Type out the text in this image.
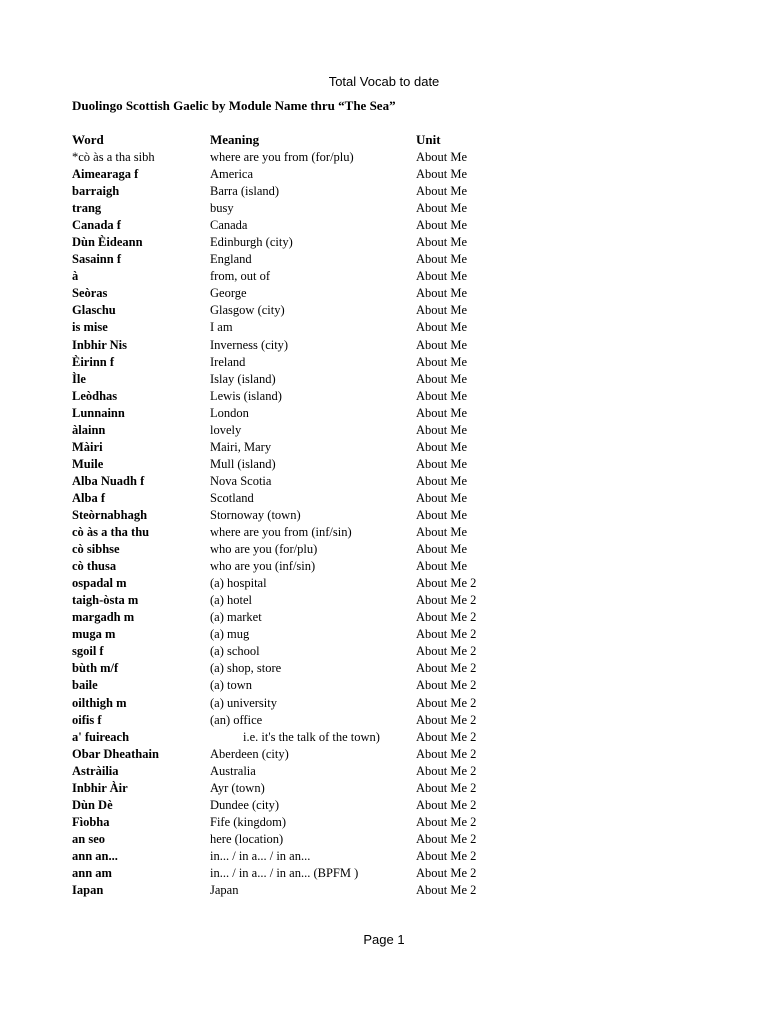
Total Vocab to date
Duolingo Scottish Gaelic by Module Name thru “The Sea”
Word	Meaning	Unit
*cò às a tha sibh	where are you from (for/plu)	About Me
Aimearaga f	America	About Me
barraigh	Barra (island)	About Me
trang	busy	About Me
Canada f	Canada	About Me
Dùn Èideann	Edinburgh (city)	About Me
Sasainn f	England	About Me
à	from, out of	About Me
Seòras	George	About Me
Glaschu	Glasgow (city)	About Me
is mise	I am	About Me
Inbhir Nis	Inverness (city)	About Me
Èirinn f	Ireland	About Me
Ìle	Islay (island)	About Me
Leòdhas	Lewis (island)	About Me
Lunnainn	London	About Me
àlainn	lovely	About Me
Màiri	Mairi, Mary	About Me
Muile	Mull (island)	About Me
Alba Nuadh f	Nova Scotia	About Me
Alba f	Scotland	About Me
Steòrnabhagh	Stornoway (town)	About Me
cò às a tha thu	where are you from (inf/sin)	About Me
cò sibhse	who are you (for/plu)	About Me
cò thusa	who are you (inf/sin)	About Me
ospadal m	(a) hospital	About Me 2
taigh-òsta m	(a) hotel	About Me 2
margadh m	(a) market	About Me 2
muga m	(a) mug	About Me 2
sgoil f	(a) school	About Me 2
bùth m/f	(a) shop, store	About Me 2
baile	(a) town	About Me 2
oilthigh m	(a) university	About Me 2
oifis f	(an) office	About Me 2
a' fuireach	i.e. it's the talk of the town)	About Me 2
Obar Dheathain	Aberdeen (city)	About Me 2
Astràilia	Australia	About Me 2
Inbhir Àir	Ayr (town)	About Me 2
Dùn Dè	Dundee (city)	About Me 2
Fìobha	Fife (kingdom)	About Me 2
an seo	here (location)	About Me 2
ann an...	in... / in a... / in an...	About Me 2
ann am	in... / in a... / in an... (BPFM )	About Me 2
Iapan	Japan	About Me 2
Page 1
